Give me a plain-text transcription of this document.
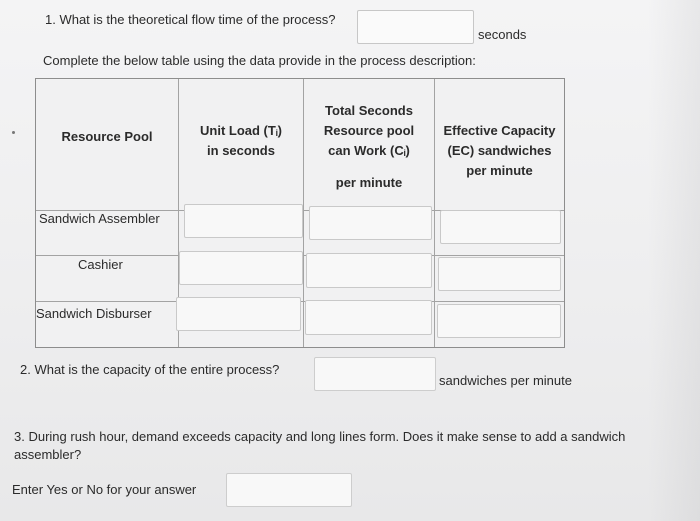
1. What is the theoretical flow time of the process?
seconds
Complete the below table using the data provide in the process description:
Resource Pool	Unit Load (Tᵢ)
in seconds
Total Seconds
Resource pool
can Work (Cᵢ)
per minute
Effective Capacity
(EC) sandwiches
per minute
Sandwich Assembler
Cashier
Sandwich Disburser
2. What is the capacity of the entire process?
sandwiches per minute
3. During rush hour, demand exceeds capacity and long lines form. Does it make sense to add a sandwich assembler?
Enter Yes or No for your answer
